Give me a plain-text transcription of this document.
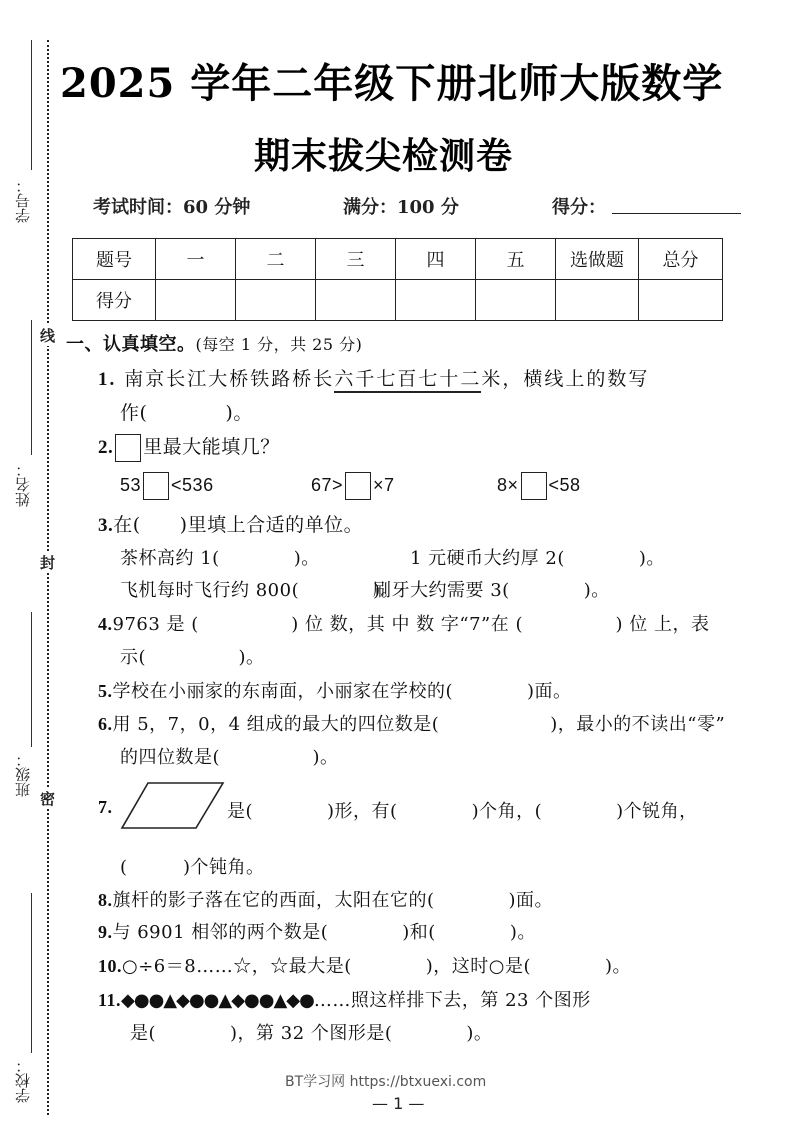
学号：
姓名：
班级：
学校：
线
封
密
2025 学年二年级下册北师大版数学
期末拔尖检测卷
考试时间：60 分钟	满分：100 分	得分：
题号	一	二	三	四	五	选做题	总分
得分							
一、认真填空。(每空 1 分，共 25 分)
1. 南京长江大桥铁路桥长六千七百七十二米，横线上的数写
作(　　　　)。
2. 里最大能填几？
53 <536	67> ×7	8× <58
3.在(　　)里填上合适的单位。
茶杯高约 1(　　　　)。	1 元硬币大约厚 2(　　　　)。
飞机每时飞行约 800(　　　　)。
刷牙大约需要 3(　　　　)。
4.9763 是 (　　　　　) 位 数，其 中 数 字“7”在 (　　　　　) 位 上，表
示(　　　　　)。
5.学校在小丽家的东南面，小丽家在学校的(　　　　)面。
6.用 5，7，0，4 组成的最大的四位数是(　　　　　　)，最小的不读出“零”
的四位数是(　　　　　)。
7.	是(　　　　)形，有(　　　　)个角，(　　　　)个锐角，
(　　　)个钝角。
8.旗杆的影子落在它的西面，太阳在它的(　　　　)面。
9.与 6901 相邻的两个数是(　　　　)和(　　　　)。
10.○÷6＝8……☆，☆最大是(　　　　)，这时○是(　　　　)。
11.◆●●▲◆●●▲◆●●▲◆●……照这样排下去，第 23 个图形
是(　　　　)，第 32 个图形是(　　　　)。
BT学习网 https://btxuexi.com
— 1 —
